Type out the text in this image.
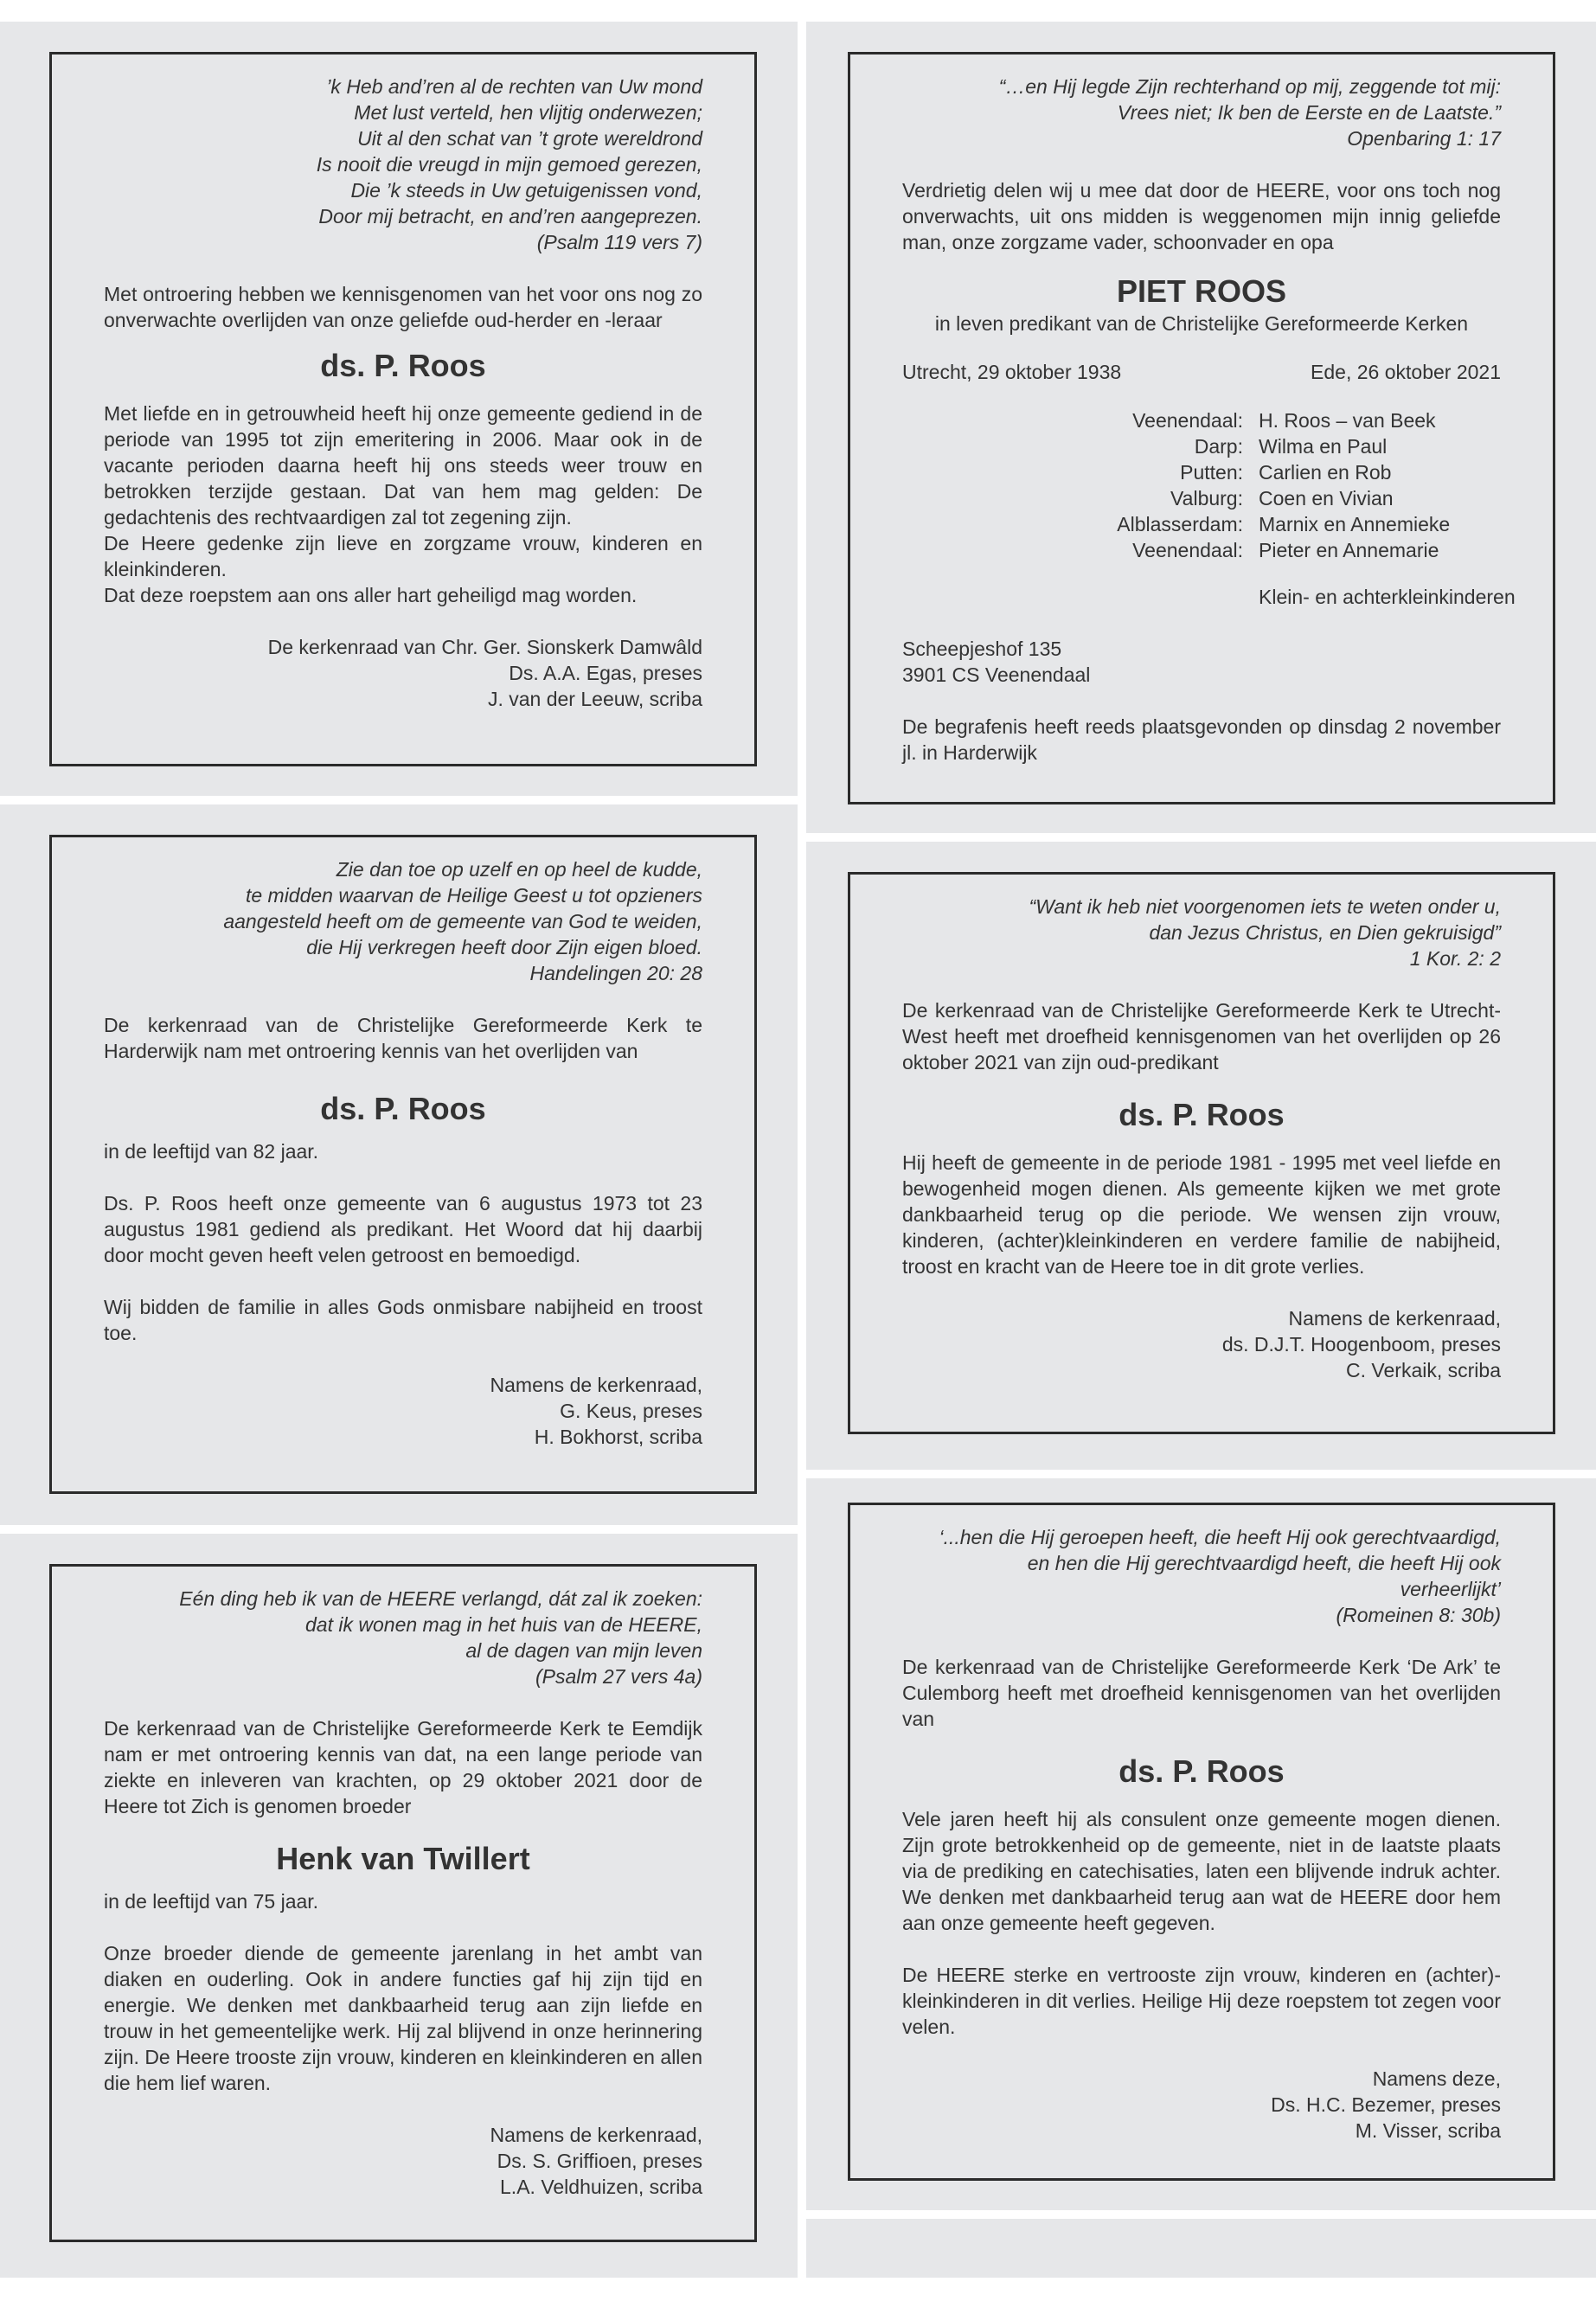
’k Heb and’ren al de rechten van Uw mond
Met lust verteld, hen vlijtig onderwezen;
Uit al den schat van ’t grote wereldrond
Is nooit die vreugd in mijn gemoed gerezen,
Die ’k steeds in Uw getuigenissen vond,
Door mij betracht, en and’ren aangeprezen.
(Psalm 119 vers 7)

Met ontroering hebben we kennisgenomen van het voor ons nog zo onverwachte overlijden van onze geliefde oud-herder en -leraar

ds. P. Roos

Met liefde en in getrouwheid heeft hij onze gemeente gediend in de periode van 1995 tot zijn emeritering in 2006. Maar ook in de vacante perioden daarna heeft hij ons steeds weer trouw en betrokken terzijde gestaan. Dat van hem mag gelden: De gedachtenis des rechtvaardigen zal tot zegening zijn.

De Heere gedenke zijn lieve en zorgzame vrouw, kinderen en kleinkinderen.

Dat deze roepstem aan ons aller hart geheiligd mag worden.

De kerkenraad van Chr. Ger. Sionskerk Damwâld
Ds. A.A. Egas, preses
J. van der Leeuw, scriba
“…en Hij legde Zijn rechterhand op mij, zeggende tot mij:
Vrees niet; Ik ben de Eerste en de Laatste.”
Openbaring 1: 17

Verdrietig delen wij u mee dat door de HEERE, voor ons toch nog onverwachts, uit ons midden is weggenomen mijn innig geliefde man, onze zorgzame vader, schoonvader en opa

PIET ROOS

in leven predikant van de Christelijke Gereformeerde Kerken

Utrecht, 29 oktober 1938	Ede, 26 oktober 2021
Veenendaal: H. Roos – van Beek
Darp: Wilma en Paul
Putten: Carlien en Rob
Valburg: Coen en Vivian
Alblasserdam: Marnix en Annemieke
Veenendaal: Pieter en Annemarie
Klein- en achterkleinkinderen
Scheepjeshof 135
3901 CS Veenendaal

De begrafenis heeft reeds plaatsgevonden op dinsdag 2 november jl. in Harderwijk

Zie dan toe op uzelf en op heel de kudde,
te midden waarvan de Heilige Geest u tot opzieners
aangesteld heeft om de gemeente van God te weiden,
die Hij verkregen heeft door Zijn eigen bloed.
Handelingen 20: 28

De kerkenraad van de Christelijke Gereformeerde Kerk te Harderwijk nam met ontroering kennis van het overlijden van

ds. P. Roos

in de leeftijd van 82 jaar.

Ds. P. Roos heeft onze gemeente van 6 augustus 1973 tot 23 augustus 1981 gediend als predikant. Het Woord dat hij daarbij door mocht geven heeft velen getroost en bemoedigd.

Wij bidden de familie in alles Gods onmisbare nabijheid en troost toe.

Namens de kerkenraad,
G. Keus, preses
H. Bokhorst, scriba
“Want ik heb niet voorgenomen iets te weten onder u,
dan Jezus Christus, en Dien gekruisigd”
1 Kor. 2: 2

De kerkenraad van de Christelijke Gereformeerde Kerk te Utrecht-West heeft met droefheid kennisgenomen van het overlijden op 26 oktober 2021 van zijn oud-predikant

ds. P. Roos

Hij heeft de gemeente in de periode 1981 - 1995 met veel liefde en bewogenheid mogen dienen. Als gemeente kijken we met grote dankbaarheid terug op die periode. We wensen zijn vrouw, kinderen, (achter)kleinkinderen en verdere familie de nabijheid, troost en kracht van de Heere toe in dit grote verlies.

Namens de kerkenraad,
ds. D.J.T. Hoogenboom, preses
C. Verkaik, scriba
Eén ding heb ik van de HEERE verlangd, dát zal ik zoeken:
dat ik wonen mag in het huis van de HEERE,
al de dagen van mijn leven
(Psalm 27 vers 4a)

De kerkenraad van de Christelijke Gereformeerde Kerk te Eemdijk nam er met ontroering kennis van dat, na een lange periode van ziekte en inleveren van krachten, op 29 oktober 2021 door de Heere tot Zich is genomen broeder

Henk van Twillert

in de leeftijd van 75 jaar.

Onze broeder diende de gemeente jarenlang in het ambt van diaken en ouderling. Ook in andere functies gaf hij zijn tijd en energie. We denken met dankbaarheid terug aan zijn liefde en trouw in het gemeentelijke werk. Hij zal blijvend in onze herinnering zijn. De Heere trooste zijn vrouw, kinderen en kleinkinderen en allen die hem lief waren.

Namens de kerkenraad,
Ds. S. Griffioen, preses
L.A. Veldhuizen, scriba
‘...hen die Hij geroepen heeft, die heeft Hij ook gerechtvaardigd,
en hen die Hij gerechtvaardigd heeft, die heeft Hij ook
verheerlijkt’
(Romeinen 8: 30b)

De kerkenraad van de Christelijke Gereformeerde Kerk ‘De Ark’ te Culemborg heeft met droefheid kennisgenomen van het overlijden van

ds. P. Roos

Vele jaren heeft hij als consulent onze gemeente mogen dienen. Zijn grote betrokkenheid op de gemeente, niet in de laatste plaats via de prediking en catechisaties, laten een blijvende indruk achter. We denken met dankbaarheid terug aan wat de HEERE door hem aan onze gemeente heeft gegeven.

De HEERE sterke en vertrooste zijn vrouw, kinderen en (achter)-kleinkinderen in dit verlies. Heilige Hij deze roepstem tot zegen voor velen.

Namens deze,
Ds. H.C. Bezemer, preses
M. Visser, scriba
